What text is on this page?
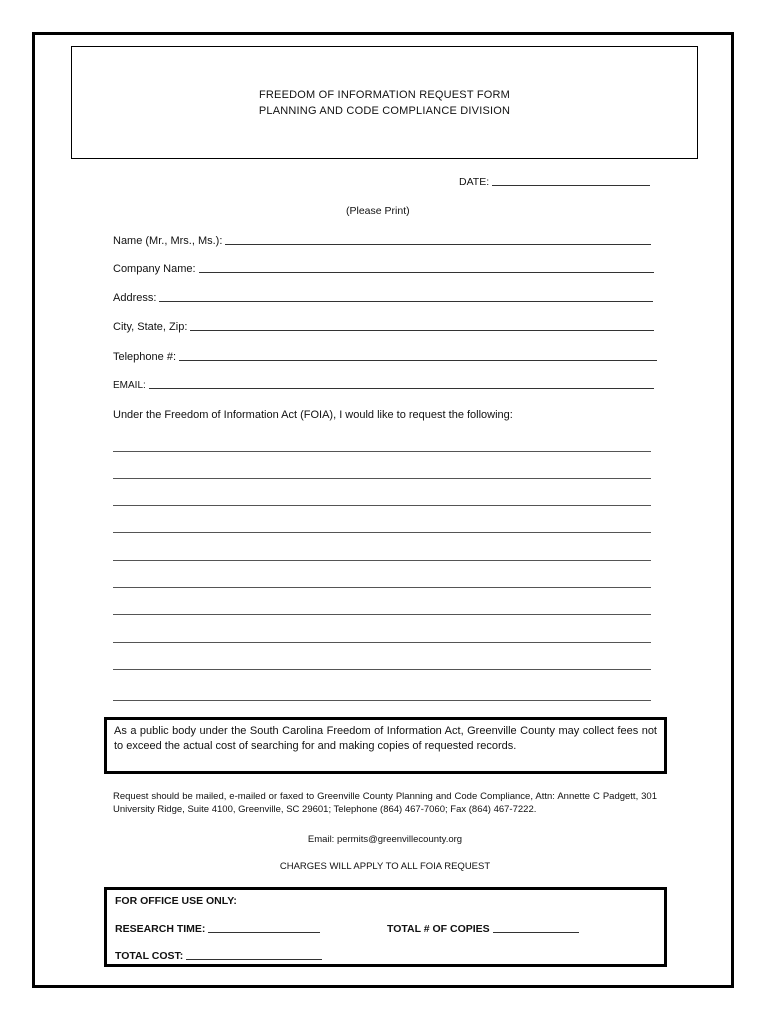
FREEDOM OF INFORMATION REQUEST FORM
PLANNING AND CODE COMPLIANCE DIVISION
DATE:
(Please Print)
Name (Mr., Mrs., Ms.):
Company Name:
Address:
City, State, Zip:
Telephone #:
EMAIL:
Under the Freedom of Information Act (FOIA), I would like to request the following:
As a public body under the South Carolina Freedom of Information Act, Greenville County may collect fees not to exceed the actual cost of searching for and making copies of requested records.
Request should be mailed, e-mailed or faxed to Greenville County Planning and Code Compliance, Attn: Annette C Padgett, 301 University Ridge, Suite 4100, Greenville, SC 29601; Telephone (864) 467-7060; Fax (864) 467-7222.
Email: permits@greenvillecounty.org
CHARGES WILL APPLY TO ALL FOIA REQUEST
FOR OFFICE USE ONLY:
RESEARCH TIME:	TOTAL # OF COPIES
TOTAL COST:
